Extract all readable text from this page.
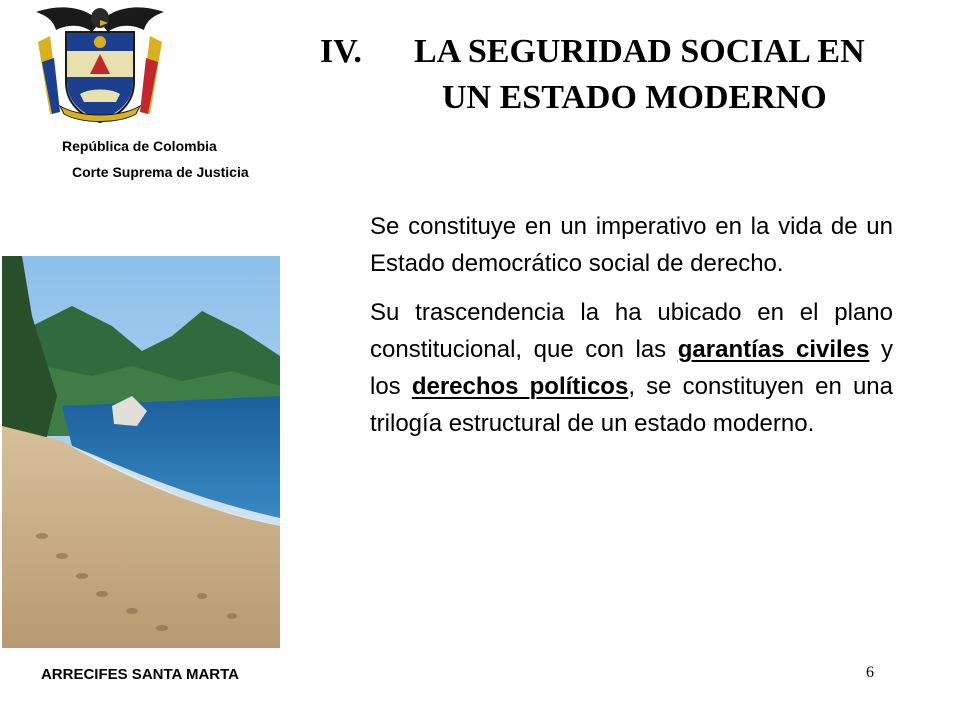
República de Colombia
Corte Suprema de Justicia
IV. LA SEGURIDAD SOCIAL EN
UN ESTADO MODERNO
ARRECIFES SANTA MARTA	6

Se constituye en un imperativo en la vida de un Estado democrático social de derecho.

Su trascendencia la ha ubicado en el plano constitucional, que con las garantías civiles y los derechos políticos, se constituyen en una trilogía estructural de un estado moderno.
